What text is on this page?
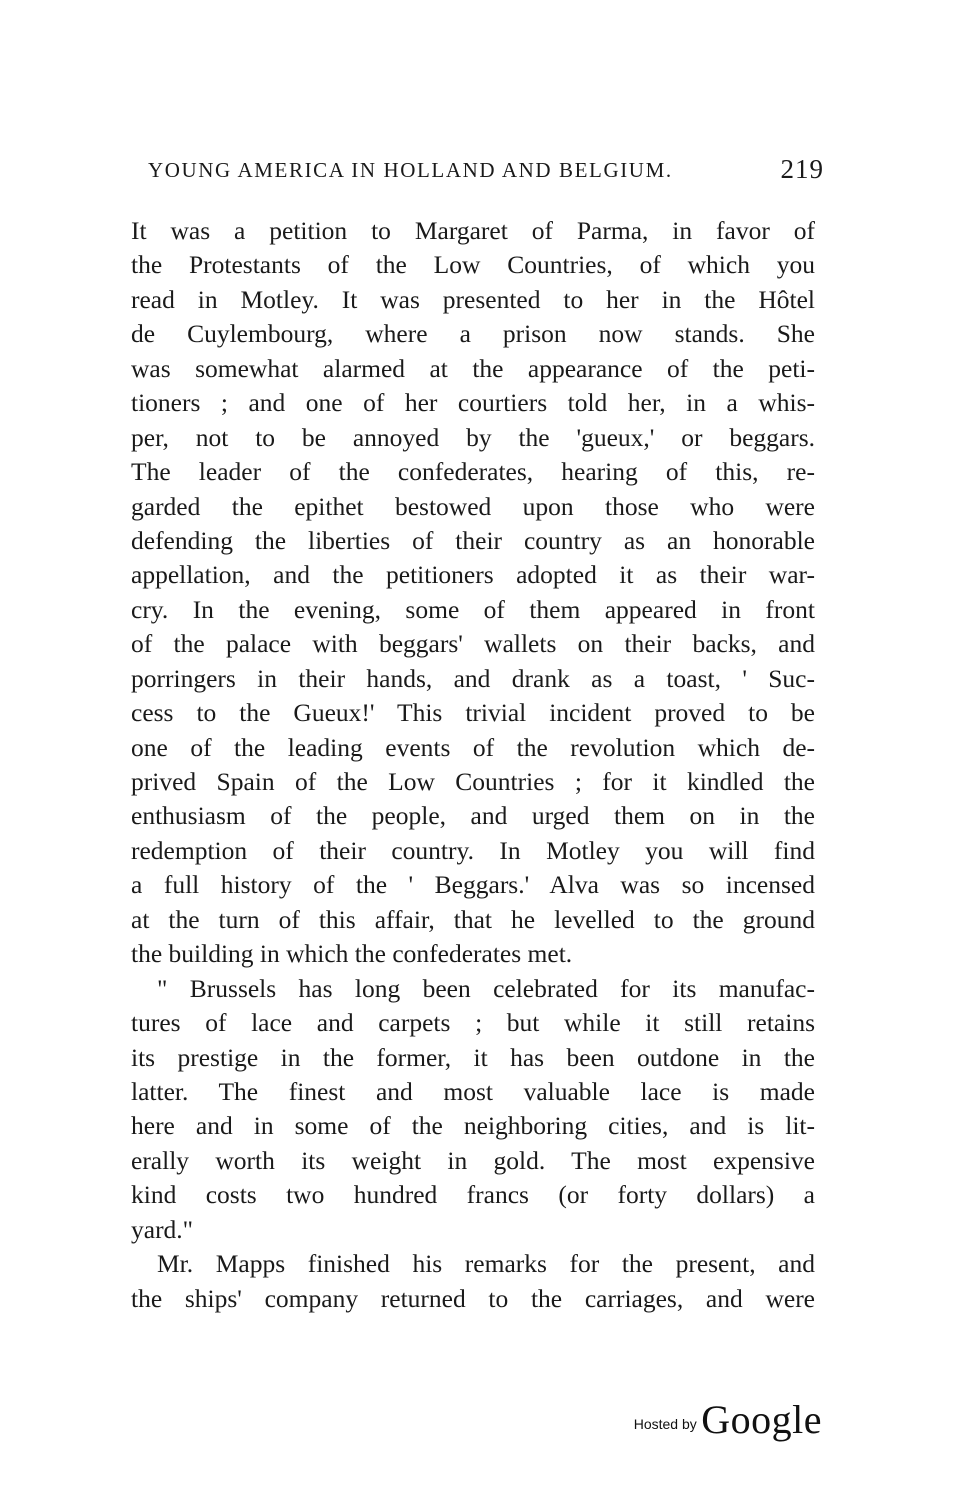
YOUNG AMERICA IN HOLLAND AND BELGIUM.	219
It was a petition to Margaret of Parma, in favor of
the Protestants of the Low Countries, of which you
read in Motley. It was presented to her in the Hôtel
de Cuylembourg, where a prison now stands. She
was somewhat alarmed at the appearance of the peti-
tioners ; and one of her courtiers told her, in a whis-
per, not to be annoyed by the 'gueux,' or beggars.
The leader of the confederates, hearing of this, re-
garded the epithet bestowed upon those who were
defending the liberties of their country as an honorable
appellation, and the petitioners adopted it as their war-
cry. In the evening, some of them appeared in front
of the palace with beggars' wallets on their backs, and
porringers in their hands, and drank as a toast, ' Suc-
cess to the Gueux!' This trivial incident proved to be
one of the leading events of the revolution which de-
prived Spain of the Low Countries ; for it kindled the
enthusiasm of the people, and urged them on in the
redemption of their country. In Motley you will find
a full history of the ' Beggars.' Alva was so incensed
at the turn of this affair, that he levelled to the ground
the building in which the confederates met.
" Brussels has long been celebrated for its manufac-
tures of lace and carpets ; but while it still retains
its prestige in the former, it has been outdone in the
latter. The finest and most valuable lace is made
here and in some of the neighboring cities, and is lit-
erally worth its weight in gold. The most expensive
kind costs two hundred francs (or forty dollars) a
yard."
Mr. Mapps finished his remarks for the present, and
the ships' company returned to the carriages, and were
Hosted by Google
